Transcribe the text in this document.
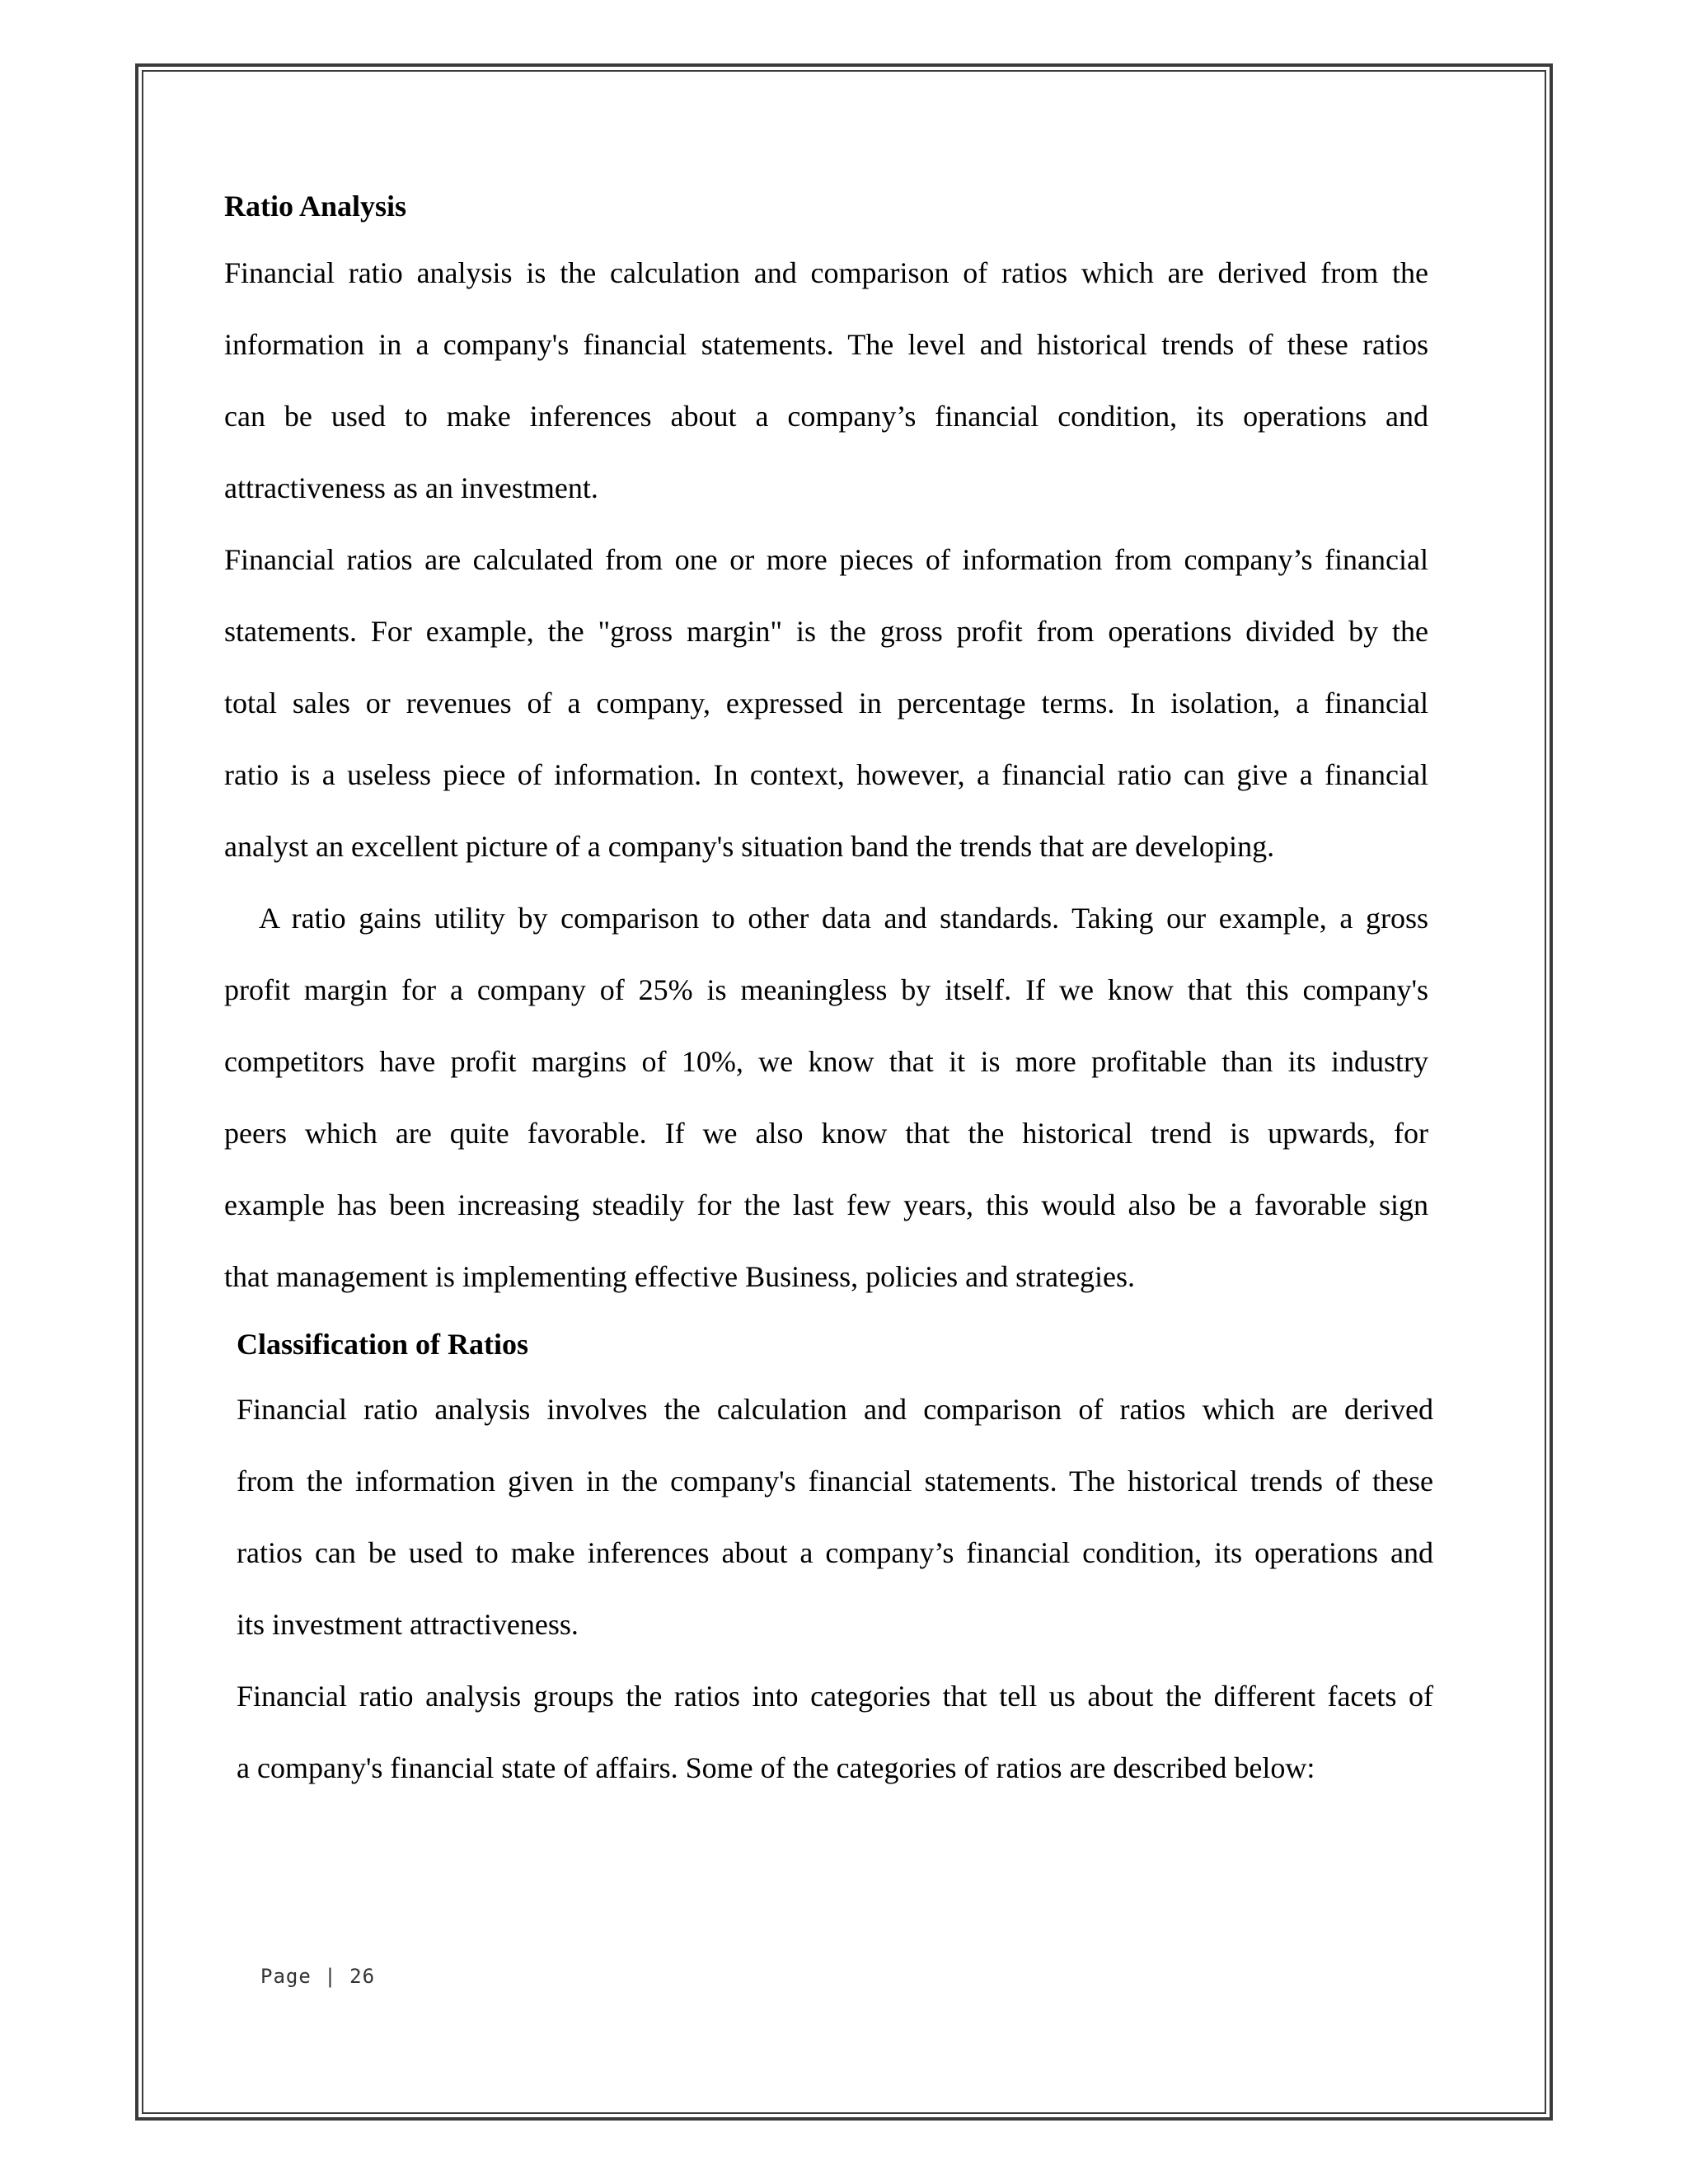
Ratio Analysis
Financial ratio analysis is the calculation and comparison of ratios which are derived from the
information in a company's financial statements. The level and historical trends of these ratios
can be used to make inferences about a company’s financial condition, its operations and
attractiveness as an investment.
Financial ratios are calculated from one or more pieces of information from company’s financial
statements. For example, the "gross margin" is the gross profit from operations divided by the
total sales or revenues of a company, expressed in percentage terms. In isolation, a financial
ratio is a useless piece of information. In context, however, a financial ratio can give a financial
analyst an excellent picture of a company's situation band the trends that are developing.
A ratio gains utility by comparison to other data and standards. Taking our example, a gross
profit margin for a company of 25% is meaningless by itself. If we know that this company's
competitors have profit margins of 10%, we know that it is more profitable than its industry
peers which are quite favorable. If we also know that the historical trend is upwards, for
example has been increasing steadily for the last few years, this would also be a favorable sign
that management is implementing effective Business, policies and strategies.
Classification of Ratios
Financial ratio analysis involves the calculation and comparison of ratios which are derived
from the information given in the company's financial statements. The historical trends of these
ratios can be used to make inferences about a company’s financial condition, its operations and
its investment attractiveness.
Financial ratio analysis groups the ratios into categories that tell us about the different facets of
a company's financial state of affairs. Some of the categories of ratios are described below:
Page | 26
